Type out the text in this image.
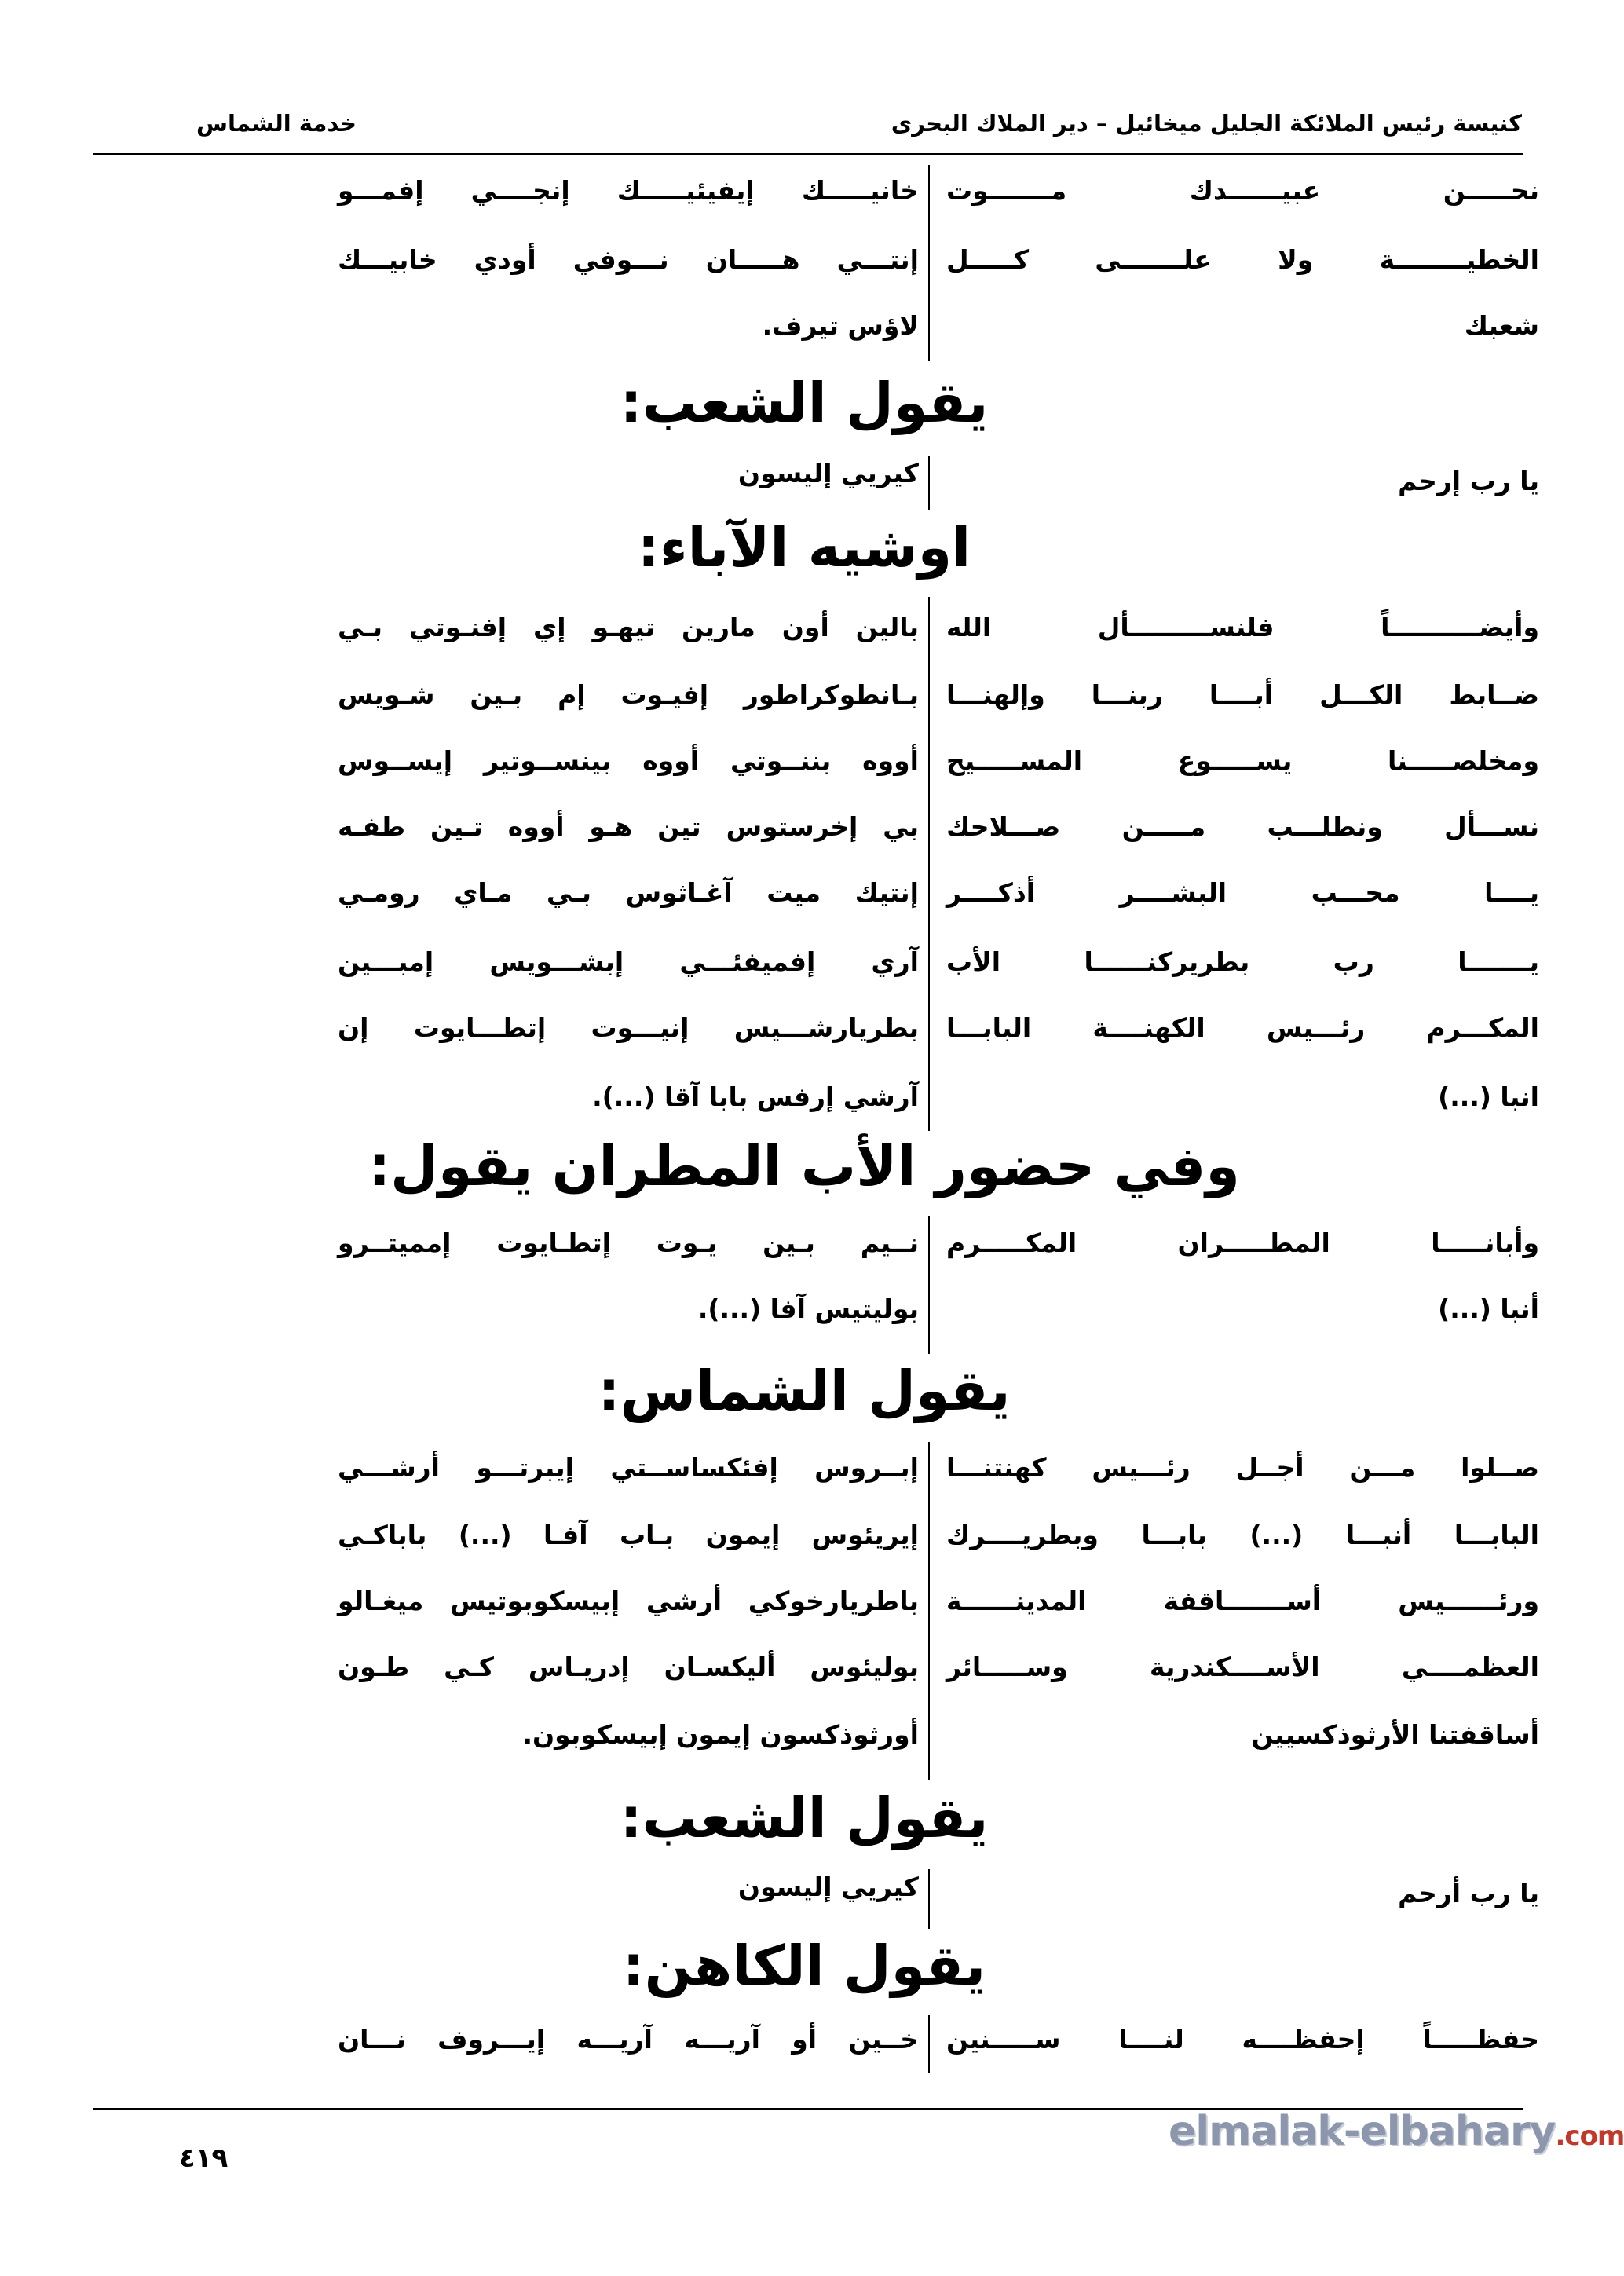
خدمة الشماس	كنيسة رئيس الملائكة الجليل ميخائيل – دير الملاك البحرى
يقول الشعب:
اوشيه الآباء:
وفي حضور الأب المطران يقول:
يقول الشماس:
يقول الشعب:
يقول الكاهن:
نحـــــن عبيــــــدك مـــــــوت
خانيـــــك إيفيئيـــــك إنجــــي إفمـــو
الخطيــــــــة ولا علـــــــى كـــــل
إنتـــي هـــــان نـــوفي أودي خابيـــك
شعبك
لاؤس تيرف.
يا رب إرحم
كيريي إليسون
وأيضــــــــــاً فلنســـــــــأل الله
بالين أون مارين تيهـو إي إفنـوتي بـي
ضــابط الكـــل أبــــا ربنـــا وإلهنـــا
بـانطوكراطور إفيـوت إم بـين شـويس
ومخلصـــــنا يســـــوع المســـــيح
أووه بننــوتي أووه بينســوتير إيســوس
نســـأل ونطلـــب مـــــن صـــلاحك
بي إخرستوس تين هـو أووه تـين طفـه
يــــا محـــب البشــــر أذكــــر
إنتيك ميت آغـاثوس بـي مـاي رومـي
يـــــــا رب بطريركنــــــا الأب
آري إفميفئـــي إبشـــويس إمبـــين
المكـــرم رئـــيس الكهنــــة البابـــا
بطريارشـــيس إنيـــوت إتطـــايوت إن
انبا (...)
آرشي إرفس بابا آقا (...).
وأبانـــــا المطـــــران المكـــــرم
نــيم بـين يـوت إتطـايوت إمميتــرو
أنبا (...)
بوليتيس آفا (...).
صــلوا مـــن أجــل رئـــيس كهنتنـــا
إبــروس إفئكساســتي إيبرتـــو أرشـــي
البابـــا أنبـــا (...) بابـــا وبطريــــرك
إيريئوس إيمون بـاب آفـا (...) باباكـي
ورئــــــيس أســـــــاقفة المدينــــــة
باطريارخوكي أرشي إبيسكوبوتيس ميغـالو
العظمــــي الأســــكندرية وســـــائر
بوليئوس أليكسـان إدريـاس كـي طـون
أساقفتنا الأرثوذكسيين
أورثوذكسون إيمون إبيسكوبون.
يا رب أرحم
كيريي إليسون
حفظـــــاً إحفظــــه لنــــا ســـــنين
خــين أو آريـــه آريـــه إيـــروف نـــان
٤١٩
elmalak-elbahary.com
